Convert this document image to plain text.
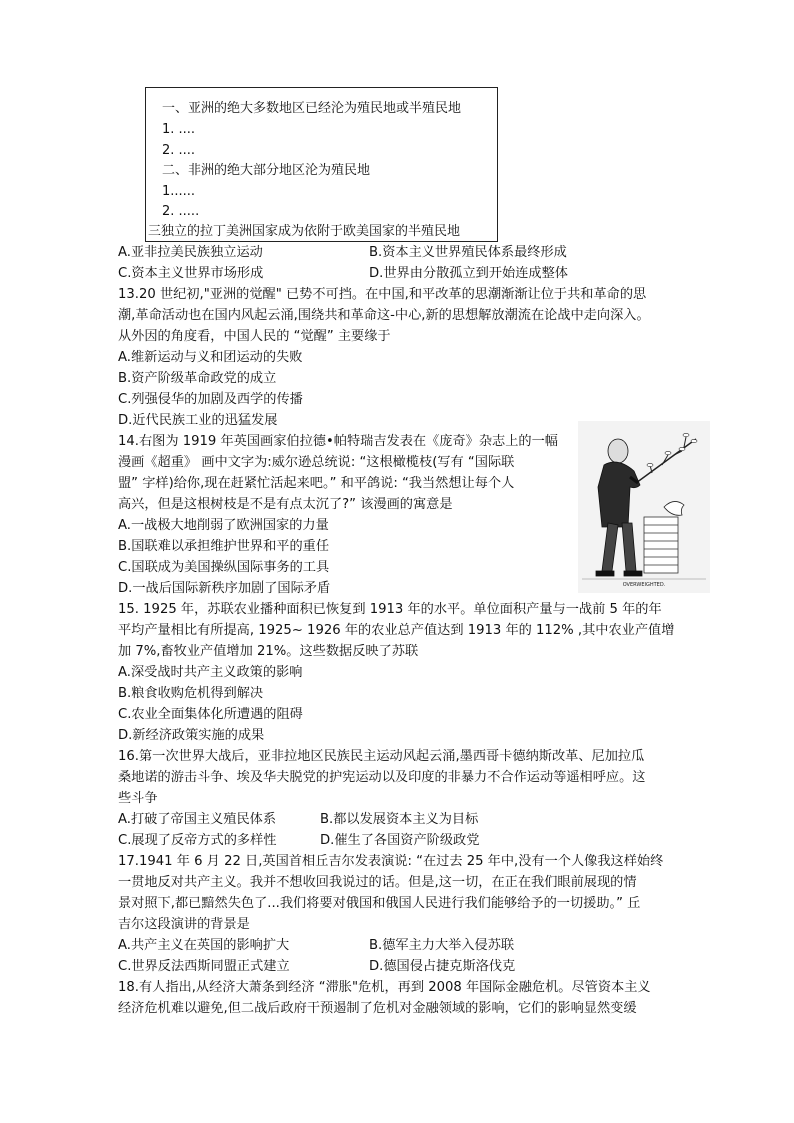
一、亚洲的绝大多数地区已经沦为殖民地或半殖民地
1. ....
2. ....
二、非洲的绝大部分地区沦为殖民地
1......
2. .....
三独立的拉丁美洲国家成为依附于欧美国家的半殖民地
A.亚非拉美民族独立运动	B.资本主义世界殖民体系最终形成
C.资本主义世界市场形成	D.世界由分散孤立到开始连成整体
13.20 世纪初,"亚洲的觉醒" 已势不可挡。在中国,和平改革的思潮渐渐让位于共和革命的思
潮,革命活动也在国内风起云涌,围绕共和革命这-中心,新的思想解放潮流在论战中走向深入。
从外因的角度看，中国人民的 “觉醒” 主要缘于
A.维新运动与义和团运动的失败
B.资产阶级革命政党的成立
C.列强侵华的加剧及西学的传播
D.近代民族工业的迅猛发展
14.右图为 1919 年英国画家伯拉德•帕特瑞吉发表在《庞奇》杂志上的一幅
漫画《超重》 画中文字为:威尔逊总统说: “这根橄榄枝(写有 “国际联
盟” 字样)给你,现在赶紧忙活起来吧。” 和平鸽说: “我当然想让每个人
高兴，但是这根树枝是不是有点太沉了?” 该漫画的寓意是
A.一战极大地削弱了欧洲国家的力量
B.国联难以承担维护世界和平的重任
C.国联成为美国操纵国际事务的工具
D.一战后国际新秩序加剧了国际矛盾	OVERWEIGHTED.
15. 1925 年，苏联农业播种面积已恢复到 1913 年的水平。单位面积产量与一战前 5 年的年
平均产量相比有所提高, 1925~ 1926 年的农业总产值达到 1913 年的 112% ,其中农业产值增
加 7%,畜牧业产值增加 21%。这些数据反映了苏联
A.深受战时共产主义政策的影响
B.粮食收购危机得到解决
C.农业全面集体化所遭遇的阻碍
D.新经济政策实施的成果
16.第一次世界大战后，亚非拉地区民族民主运动风起云涌,墨西哥卡德纳斯改革、尼加拉瓜
桑地诺的游击斗争、埃及华夫脱党的护宪运动以及印度的非暴力不合作运动等遥相呼应。这
些斗争
A.打破了帝国主义殖民体系	B.都以发展资本主义为目标
C.展现了反帝方式的多样性	D.催生了各国资产阶级政党
17.1941 年 6 月 22 日,英国首相丘吉尔发表演说: “在过去 25 年中,没有一个人像我这样始终
一贯地反对共产主义。我并不想收回我说过的话。但是,这一切，在正在我们眼前展现的情
景对照下,都已黯然失色了...我们将要对俄国和俄国人民进行我们能够给予的一切援助。” 丘
吉尔这段演讲的背景是
A.共产主义在英国的影响扩大	B.德军主力大举入侵苏联
C.世界反法西斯同盟正式建立	D.德国侵占捷克斯洛伐克
18.有人指出,从经济大萧条到经济 “滞胀"危机，再到 2008 年国际金融危机。尽管资本主义
经济危机难以避免,但二战后政府干预遏制了危机对金融领域的影响，它们的影响显然变缓
